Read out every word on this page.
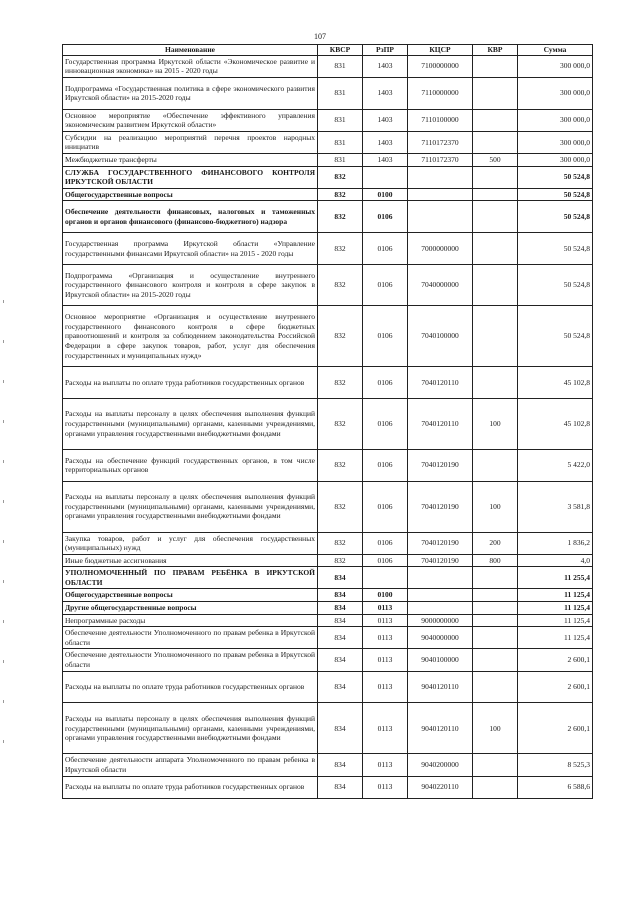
107
Наименование	КВСР	РзПР	КЦСР	КВР	Сумма
Государственная программа Иркутской области «Экономическое развитие и инновационная экономика» на 2015 - 2020 годы	831	1403	7100000000		300 000,0
Подпрограмма «Государственная политика в сфере экономического развития Иркутской области» на 2015-2020 годы	831	1403	7110000000		300 000,0
Основное мероприятие «Обеспечение эффективного управления экономическим развитием Иркутской области»	831	1403	7110100000		300 000,0
Субсидии на реализацию мероприятий перечня проектов народных инициатив	831	1403	7110172370		300 000,0
Межбюджетные трансферты	831	1403	7110172370	500	300 000,0
СЛУЖБА ГОСУДАРСТВЕННОГО ФИНАНСОВОГО КОНТРОЛЯ ИРКУТСКОЙ ОБЛАСТИ	832				50 524,8
Общегосударственные вопросы	832	0100			50 524,8
Обеспечение деятельности финансовых, налоговых и таможенных органов и органов финансового (финансово-бюджетного) надзора	832	0106			50 524,8
Государственная программа Иркутской области «Управление государственными финансами Иркутской области» на 2015 - 2020 годы	832	0106	7000000000		50 524,8
Подпрограмма «Организация и осуществление внутреннего государственного финансового контроля и контроля в сфере закупок в Иркутской области» на 2015-2020 годы	832	0106	7040000000		50 524,8
Основное мероприятие «Организация и осуществление внутреннего государственного финансового контроля в сфере бюджетных правоотношений и контроля за соблюдением законодательства Российской Федерации в сфере закупок товаров, работ, услуг для обеспечения государственных и муниципальных нужд»	832	0106	7040100000		50 524,8
Расходы на выплаты по оплате труда работников государственных органов	832	0106	7040120110		45 102,8
Расходы на выплаты персоналу в целях обеспечения выполнения функций государственными (муниципальными) органами, казенными учреждениями, органами управления государственными внебюджетными фондами	832	0106	7040120110	100	45 102,8
Расходы на обеспечение функций государственных органов, в том числе территориальных органов	832	0106	7040120190		5 422,0
Расходы на выплаты персоналу в целях обеспечения выполнения функций государственными (муниципальными) органами, казенными учреждениями, органами управления государственными внебюджетными фондами	832	0106	7040120190	100	3 581,8
Закупка товаров, работ и услуг для обеспечения государственных (муниципальных) нужд	832	0106	7040120190	200	1 836,2
Иные бюджетные ассигнования	832	0106	7040120190	800	4,0
УПОЛНОМОЧЕННЫЙ ПО ПРАВАМ РЕБЁНКА В ИРКУТСКОЙ ОБЛАСТИ	834				11 255,4
Общегосударственные вопросы	834	0100			11 125,4
Другие общегосударственные вопросы	834	0113			11 125,4
Непрограммные расходы	834	0113	9000000000		11 125,4
Обеспечение деятельности Уполномоченного по правам ребенка в Иркутской области	834	0113	9040000000		11 125,4
Обеспечение деятельности Уполномоченного по правам ребенка в Иркутской области	834	0113	9040100000		2 600,1
Расходы на выплаты по оплате труда работников государственных органов	834	0113	9040120110		2 600,1
Расходы на выплаты персоналу в целях обеспечения выполнения функций государственными (муниципальными) органами, казенными учреждениями, органами управления государственными внебюджетными фондами	834	0113	9040120110	100	2 600,1
Обеспечение деятельности аппарата Уполномоченного по правам ребенка в Иркутской области	834	0113	9040200000		8 525,3
Расходы на выплаты по оплате труда работников государственных органов	834	0113	9040220110		6 588,6
